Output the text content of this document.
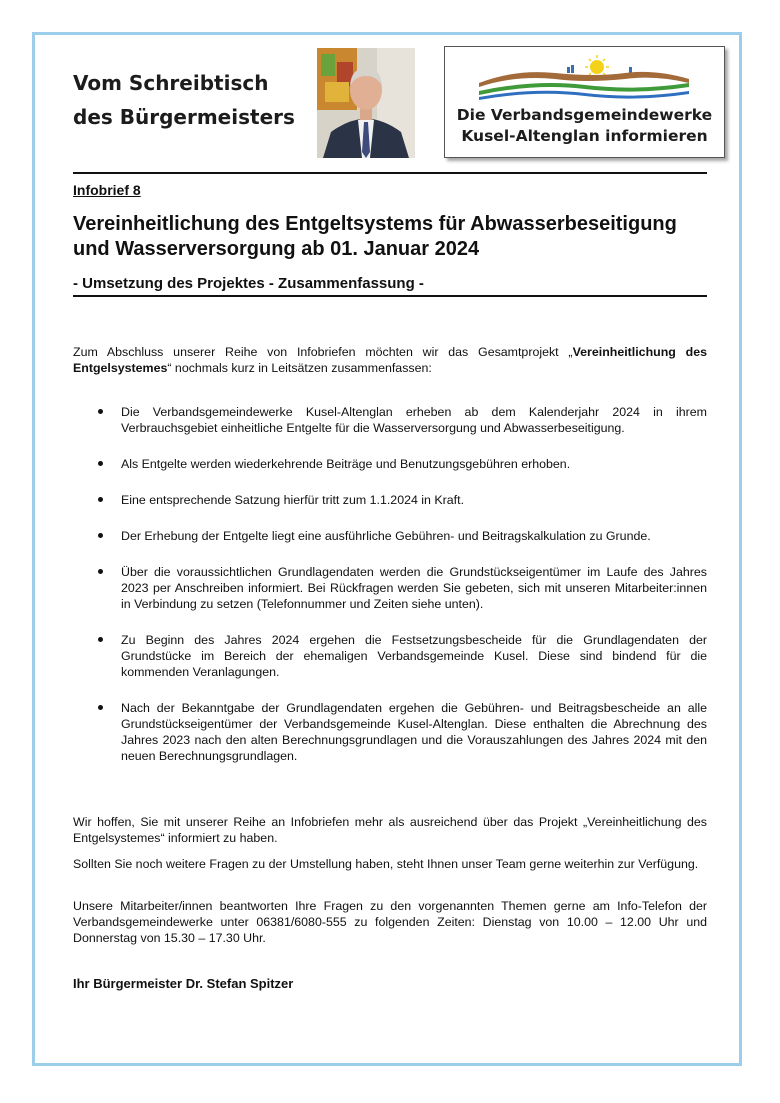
Vom Schreibtisch
des Bürgermeisters	Die Verbandsgemeindewerke
Kusel-Altenglan informieren
Infobrief 8
Vereinheitlichung des Entgeltsystems für Abwasserbeseitigung
und Wasserversorgung ab 01. Januar 2024
- Umsetzung des Projektes - Zusammenfassung -

Zum Abschluss unserer Reihe von Infobriefen möchten wir das Gesamtprojekt „Vereinheitlichung des Entgelsystemes“ nochmals kurz in Leitsätzen zusammenfassen:

Die Verbandsgemeindewerke Kusel-Altenglan erheben ab dem Kalenderjahr 2024 in ihrem Verbrauchsgebiet einheitliche Entgelte für die Wasserversorgung und Abwasserbeseitigung.
Als Entgelte werden wiederkehrende Beiträge und Benutzungsgebühren erhoben.
Eine entsprechende Satzung hierfür tritt zum 1.1.2024 in Kraft.
Der Erhebung der Entgelte liegt eine ausführliche Gebühren- und Beitragskalkulation zu Grunde.
Über die voraussichtlichen Grundlagendaten werden die Grundstückseigentümer im Laufe des Jahres 2023 per Anschreiben informiert. Bei Rückfragen werden Sie gebeten, sich mit unseren Mitarbeiter:innen in Verbindung zu setzen (Telefonnummer und Zeiten siehe unten).
Zu Beginn des Jahres 2024 ergehen die Festsetzungsbescheide für die Grundlagendaten der Grundstücke im Bereich der ehemaligen Verbandsgemeinde Kusel. Diese sind bindend für die kommenden Veranlagungen.
Nach der Bekanntgabe der Grundlagendaten ergehen die Gebühren- und Beitragsbescheide an alle Grundstückseigentümer der Verbandsgemeinde Kusel-Altenglan. Diese enthalten die Abrechnung des Jahres 2023 nach den alten Berechnungsgrundlagen und die Vorauszahlungen des Jahres 2024 mit den neuen Berechnungsgrundlagen.

Wir hoffen, Sie mit unserer Reihe an Infobriefen mehr als ausreichend über das Projekt „Vereinheitlichung des Entgelsystemes“ informiert zu haben.

Sollten Sie noch weitere Fragen zu der Umstellung haben, steht Ihnen unser Team gerne weiterhin zur Verfügung.

Unsere Mitarbeiter/innen beantworten Ihre Fragen zu den vorgenannten Themen gerne am Info-Telefon der Verbandsgemeindewerke unter 06381/6080-555 zu folgenden Zeiten: Dienstag von 10.00 – 12.00 Uhr und Donnerstag von 15.30 – 17.30 Uhr.

Ihr Bürgermeister Dr. Stefan Spitzer
